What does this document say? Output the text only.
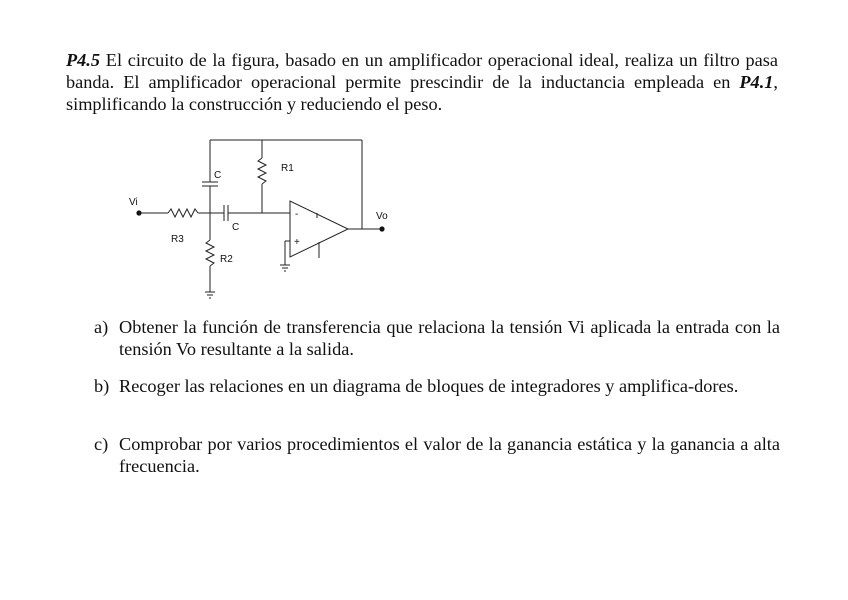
P4.5 El circuito de la figura, basado en un amplificador operacional ideal, realiza un filtro pasa banda. El amplificador operacional permite prescindir de la inductancia empleada en P4.1, simplificando la construcción y reduciendo el peso.
Vi
R3
C
C
R2
R1
-
+
Vo
a) Obtener la función de transferencia que relaciona la tensión Vi aplicada la entrada con la tensión Vo resultante a la salida.
b) Recoger las relaciones en un diagrama de bloques de integradores y amplifica-dores.
c) Comprobar por varios procedimientos el valor de la ganancia estática y la ganancia a alta frecuencia.
